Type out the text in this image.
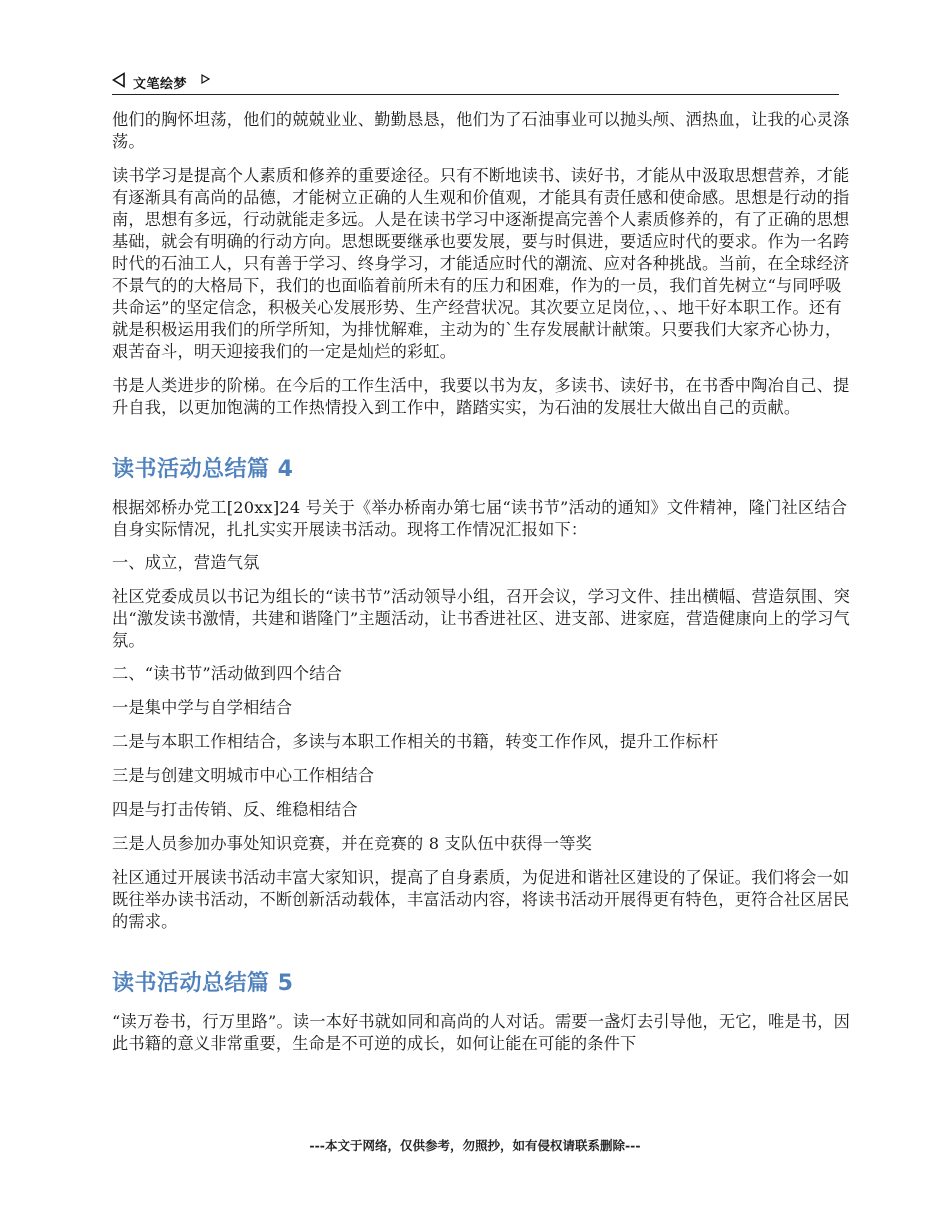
文笔绘梦

他们的胸怀坦荡，他们的兢兢业业、勤勤恳恳，他们为了石油事业可以抛头颅、洒热血，让我的心灵涤荡。

读书学习是提高个人素质和修养的重要途径。只有不断地读书、读好书，才能从中汲取思想营养，才能有逐渐具有高尚的品德，才能树立正确的人生观和价值观，才能具有责任感和使命感。思想是行动的指南，思想有多远，行动就能走多远。人是在读书学习中逐渐提高完善个人素质修养的，有了正确的思想基础，就会有明确的行动方向。思想既要继承也要发展，要与时俱进，要适应时代的要求。作为一名跨时代的石油工人，只有善于学习、终身学习，才能适应时代的潮流、应对各种挑战。当前，在全球经济不景气的的大格局下，我们的也面临着前所未有的压力和困难，作为的一员，我们首先树立“与同呼吸共命运”的坚定信念，积极关心发展形势、生产经营状况。其次要立足岗位，、、地干好本职工作。还有就是积极运用我们的所学所知，为排忧解难，主动为的`生存发展献计献策。只要我们大家齐心协力，艰苦奋斗，明天迎接我们的一定是灿烂的彩虹。

书是人类进步的阶梯。在今后的工作生活中，我要以书为友，多读书、读好书，在书香中陶冶自己、提升自我，以更加饱满的工作热情投入到工作中，踏踏实实，为石油的发展壮大做出自己的贡献。

读书活动总结篇 4

根据郊桥办党工[20xx]24 号关于《举办桥南办第七届“读书节”活动的通知》文件精神，隆门社区结合自身实际情况，扎扎实实开展读书活动。现将工作情况汇报如下：

一、成立，营造气氛

社区党委成员以书记为组长的“读书节”活动领导小组，召开会议，学习文件、挂出横幅、营造氛围、突出“激发读书激情，共建和谐隆门”主题活动，让书香进社区、进支部、进家庭，营造健康向上的学习气氛。

二、“读书节”活动做到四个结合

一是集中学与自学相结合

二是与本职工作相结合，多读与本职工作相关的书籍，转变工作作风，提升工作标杆

三是与创建文明城市中心工作相结合

四是与打击传销、反、维稳相结合

三是人员参加办事处知识竞赛，并在竞赛的 8 支队伍中获得一等奖

社区通过开展读书活动丰富大家知识，提高了自身素质，为促进和谐社区建设的了保证。我们将会一如既往举办读书活动，不断创新活动载体，丰富活动内容，将读书活动开展得更有特色，更符合社区居民的需求。

读书活动总结篇 5

“读万卷书，行万里路”。读一本好书就如同和高尚的人对话。需要一盏灯去引导他，无它，唯是书，因此书籍的意义非常重要，生命是不可逆的成长，如何让能在可能的条件下

---本文于网络，仅供参考，勿照抄，如有侵权请联系删除---
